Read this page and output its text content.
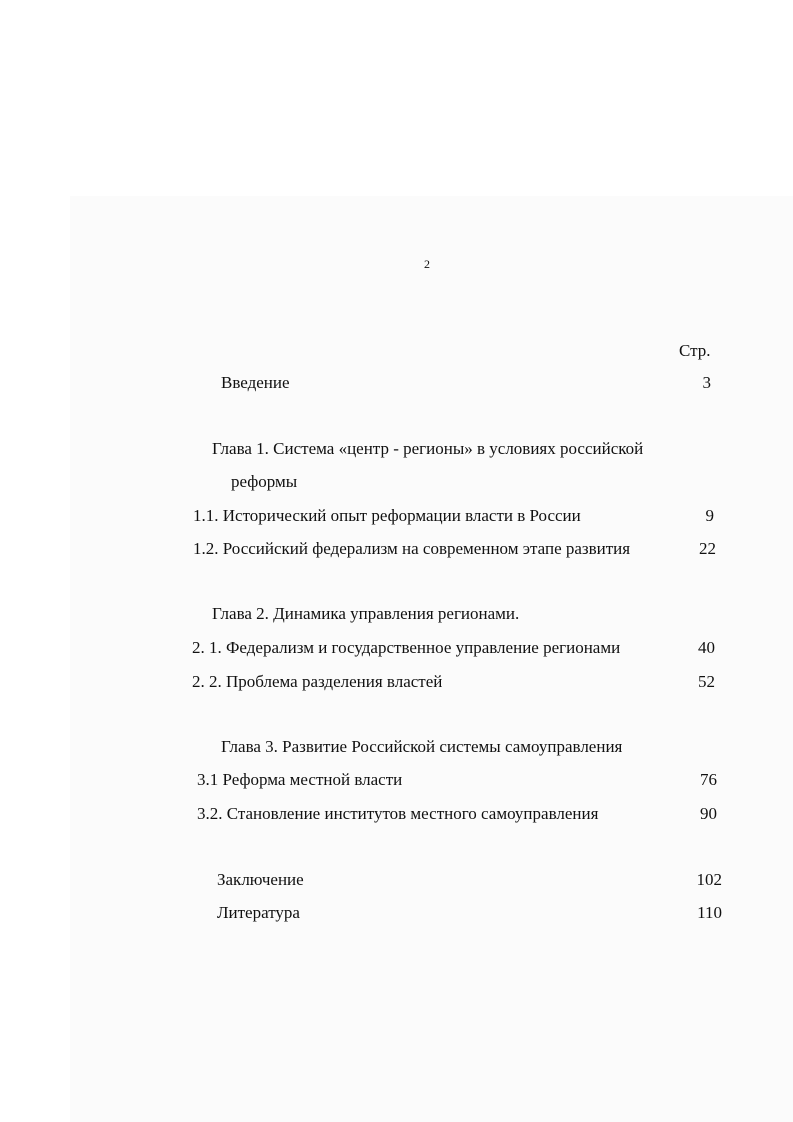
2
Стр.
Введение	3
Глава 1. Система «центр - регионы» в условиях российской
реформы
1.1. Исторический опыт реформации власти в России	9
1.2. Российский федерализм на современном этапе развития	22
Глава 2. Динамика управления регионами.
2. 1. Федерализм и государственное управление регионами	40
2. 2. Проблема разделения властей	52
Глава 3. Развитие Российской системы самоуправления
3.1 Реформа местной власти	76
3.2. Становление институтов местного самоуправления	90
Заключение	102
Литература	110
